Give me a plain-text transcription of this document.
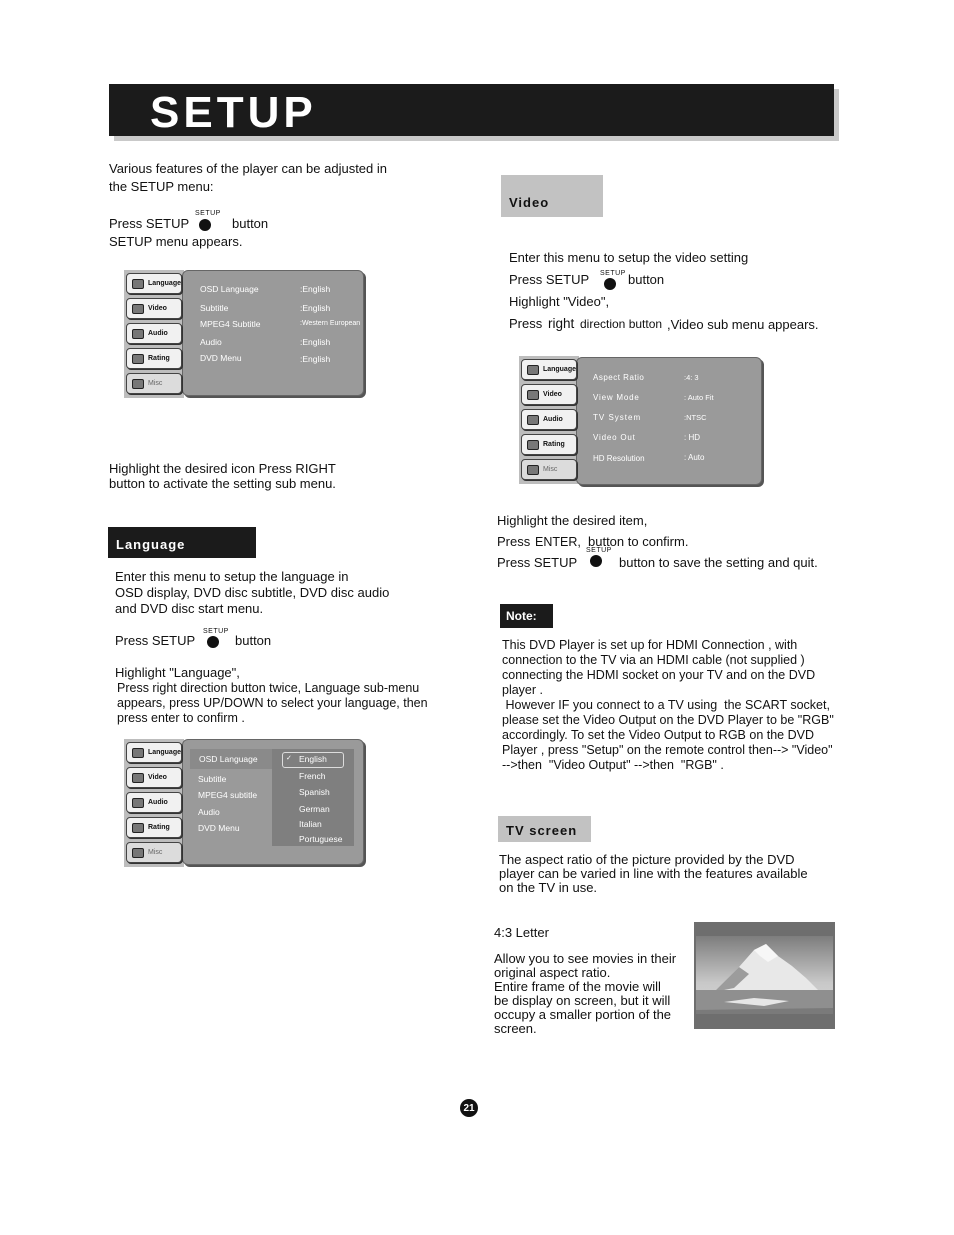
SETUP
Various features of the player can be adjusted in
the SETUP menu:
Press SETUP
SETUP
button
SETUP menu appears.
Language
Video
Audio
Rating
Misc
OSD Language	:English
Subtitle	:English
MPEG4 Subtitle	:Western European
Audio	:English
DVD Menu	:English
Highlight the desired icon Press RIGHT
button to activate the setting sub menu.
Language
Enter this menu to setup the language in
OSD display, DVD disc subtitle, DVD disc audio
and DVD disc start menu.
Press SETUP
SETUP
button
Highlight "Language",
Press right direction button twice, Language sub-menu
appears, press UP/DOWN to select your language, then
press enter to confirm .
Language
Video
Audio
Rating
Misc
OSD Language
Subtitle
MPEG4 subtitle
Audio
DVD Menu
✓ English
French
Spanish
German
Italian
Portuguese
Video
Enter this menu to setup the video setting
Press SETUP SETUP button
Highlight "Video",
Press right direction button ,Video sub menu appears.
Language
Video
Audio
Rating
Misc
Aspect Ratio	:4: 3
View Mode	: Auto Fit
TV System	:NTSC
Video Out	: HD
HD Resolution	: Auto
Highlight the desired item,
Press ENTER, button to confirm.
Press SETUP
SETUP
button to save the setting and quit.
Note:
This DVD Player is set up for HDMI Connection , with
connection to the TV via an HDMI cable (not supplied )
connecting the HDMI socket on your TV and on the DVD
player .
However IF you connect to a TV using  the SCART socket,
please set the Video Output on the DVD Player to be "RGB"
accordingly. To set the Video Output to RGB on the DVD
Player , press "Setup" on the remote control then--> "Video"
-->then  "Video Output" -->then  "RGB" .
TV screen
The aspect ratio of the picture provided by the DVD
player can be varied in line with the features available
on the TV in use.
4:3 Letter
Allow you to see movies in their
original aspect ratio.
Entire frame of the movie will
be display on screen, but it will
occupy a smaller portion of the
screen.
21
